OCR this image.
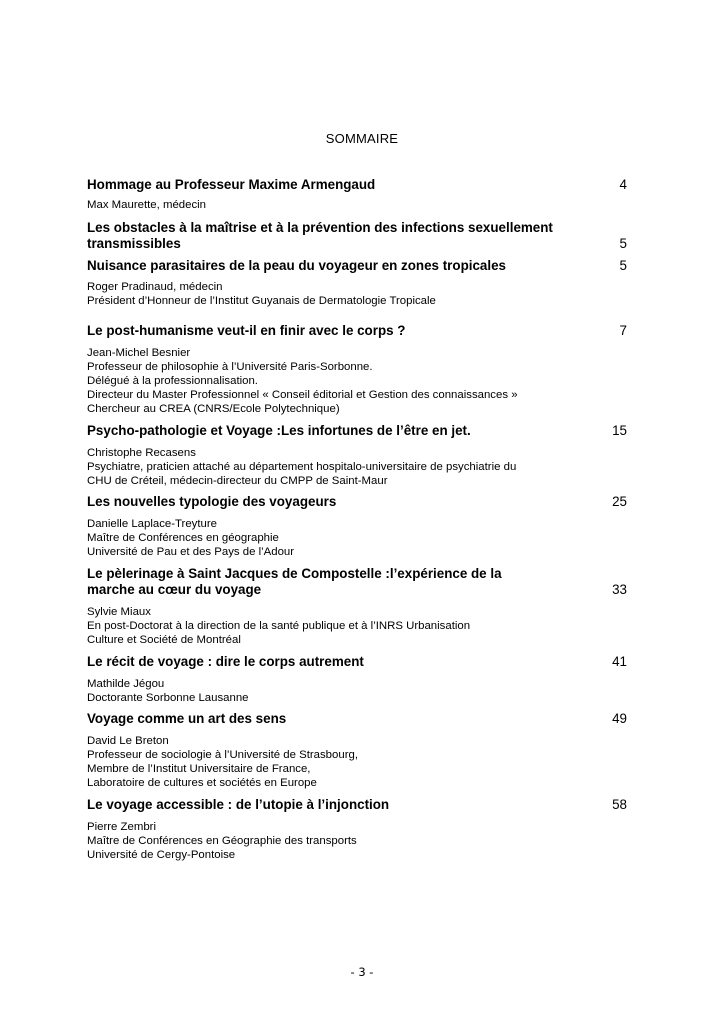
SOMMAIRE
Hommage au Professeur Maxime Armengaud	4
Max Maurette, médecin
Les obstacles à la maîtrise et à la prévention des infections sexuellement transmissibles	5
Nuisance parasitaires de la peau du voyageur en zones tropicales	5
Roger Pradinaud, médecin
Président d’Honneur de l’Institut Guyanais de Dermatologie Tropicale
Le post-humanisme veut-il en finir avec le corps ?	7
Jean-Michel Besnier
Professeur de philosophie à l’Université Paris-Sorbonne.
Délégué à la professionnalisation.
Directeur du Master Professionnel « Conseil éditorial et Gestion des connaissances »
Chercheur au CREA (CNRS/Ecole Polytechnique)
Psycho-pathologie et Voyage :Les infortunes de l’être en jet.	15
Christophe Recasens
Psychiatre, praticien attaché au département hospitalo-universitaire de psychiatrie du
CHU de Créteil, médecin-directeur du CMPP de Saint-Maur
Les nouvelles typologie des voyageurs	25
Danielle Laplace-Treyture
Maître de Conférences en géographie
Université de Pau et des Pays de l’Adour
Le pèlerinage à Saint Jacques de Compostelle :l’expérience de la marche au cœur du voyage	33
Sylvie Miaux
En post-Doctorat à la direction de la santé publique et à l’INRS Urbanisation
Culture et Société de Montréal
Le récit de voyage : dire le corps autrement	41
Mathilde Jégou
Doctorante Sorbonne Lausanne
Voyage comme un art des sens	49
David Le Breton
Professeur de sociologie à l’Université de Strasbourg,
Membre de l’Institut Universitaire de France,
Laboratoire de cultures et sociétés en Europe
Le voyage accessible : de l’utopie à l’injonction	58
Pierre Zembri
Maître de Conférences en Géographie des transports
Université de Cergy-Pontoise
- 3 -
